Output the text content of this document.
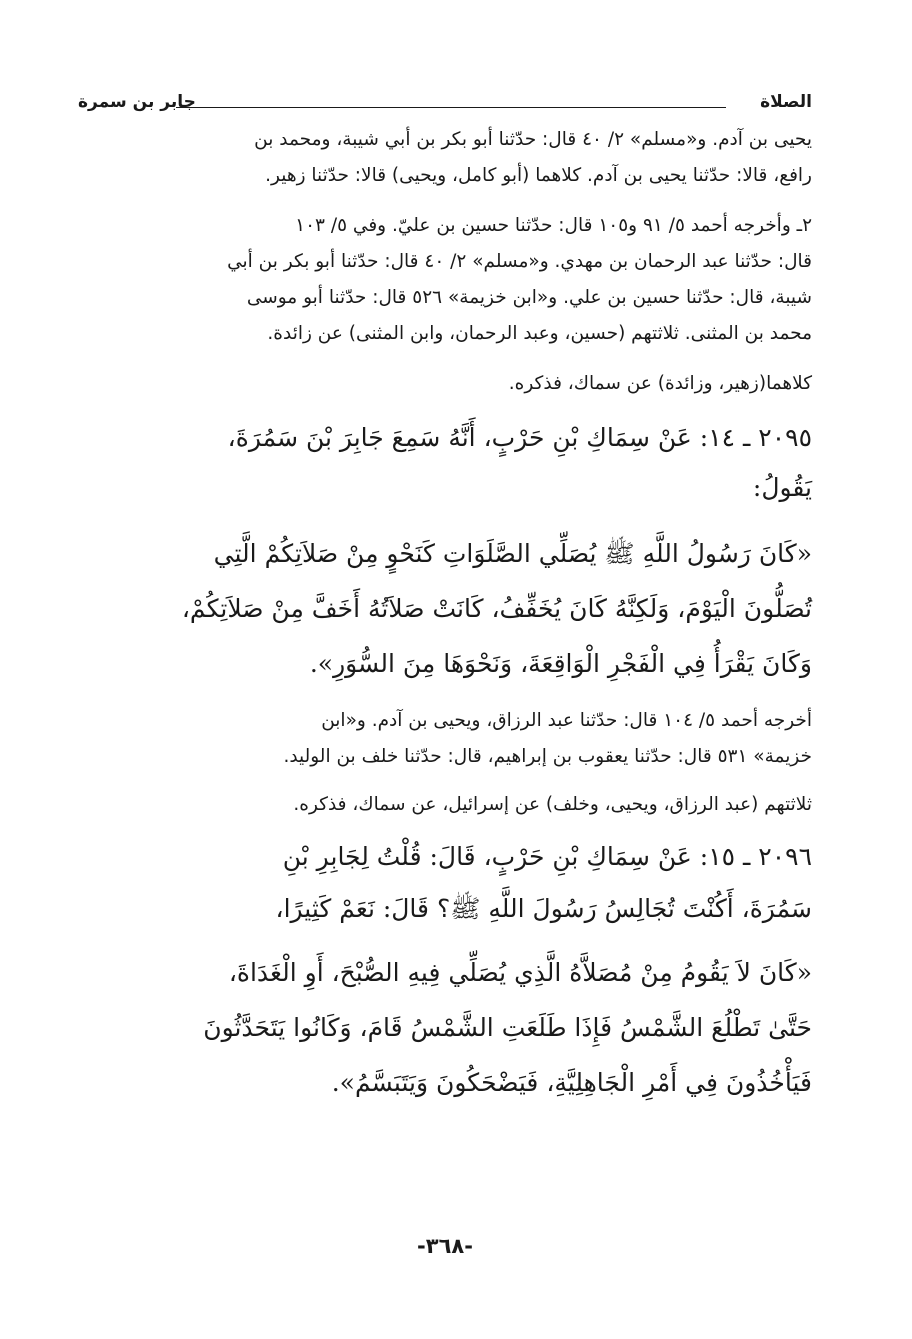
الصلاة
جابر بن سمرة

يحيى بن آدم. و«مسلم» ٢/ ٤٠ قال: حدّثنا أبو بكر بن أبي شيبة، ومحمد بن

رافع، قالا: حدّثنا يحيى بن آدم. كلاهما (أبو كامل، ويحيى) قالا: حدّثنا زهير.

٢ـ وأخرجه أحمد ٥/ ٩١ و١٠٥ قال: حدّثنا حسين بن عليّ. وفي ٥/ ١٠٣

قال: حدّثنا عبد الرحمان بن مهدي. و«مسلم» ٢/ ٤٠ قال: حدّثنا أبو بكر بن أبي

شيبة، قال: حدّثنا حسين بن علي. و«ابن خزيمة» ٥٢٦ قال: حدّثنا أبو موسى

محمد بن المثنى. ثلاثتهم (حسين، وعبد الرحمان، وابن المثنى) عن زائدة.

كلاهما(زهير، وزائدة) عن سماك، فذكره.

٢٠٩٥ ـ ١٤: عَنْ سِمَاكِ بْنِ حَرْبٍ، أَنَّهُ سَمِعَ جَابِرَ بْنَ سَمُرَةَ،

يَقُولُ:

«كَانَ رَسُولُ اللَّهِ ﷺ يُصَلِّي الصَّلَوَاتِ كَنَحْوٍ مِنْ صَلاَتِكُمْ الَّتِي

تُصَلُّونَ الْيَوْمَ، وَلَكِنَّهُ كَانَ يُخَفِّفُ، كَانَتْ صَلاَتُهُ أَخَفَّ مِنْ صَلاَتِكُمْ،

وَكَانَ يَقْرَأُ فِي الْفَجْرِ الْوَاقِعَةَ، وَنَحْوَهَا مِنَ السُّوَرِ».

أخرجه أحمد ٥/ ١٠٤ قال: حدّثنا عبد الرزاق، ويحيى بن آدم. و«ابن

خزيمة» ٥٣١ قال: حدّثنا يعقوب بن إبراهيم، قال: حدّثنا خلف بن الوليد.

ثلاثتهم (عبد الرزاق، ويحيى، وخلف) عن إسرائيل، عن سماك، فذكره.

٢٠٩٦ ـ ١٥: عَنْ سِمَاكِ بْنِ حَرْبٍ، قَالَ: قُلْتُ لِجَابِرِ بْنِ

سَمُرَةَ، أَكُنْتَ تُجَالِسُ رَسُولَ اللَّهِ ﷺ؟ قَالَ: نَعَمْ كَثِيرًا،

«كَانَ لاَ يَقُومُ مِنْ مُصَلاَّهُ الَّذِي يُصَلِّي فِيهِ الصُّبْحَ، أَوِ الْغَدَاةَ،

حَتَّىٰ تَطْلُعَ الشَّمْسُ فَإِذَا طَلَعَتِ الشَّمْسُ قَامَ، وَكَانُوا يَتَحَدَّثُونَ

فَيَأْخُذُونَ فِي أَمْرِ الْجَاهِلِيَّةِ، فَيَضْحَكُونَ وَيَتَبَسَّمُ».

-٣٦٨-
